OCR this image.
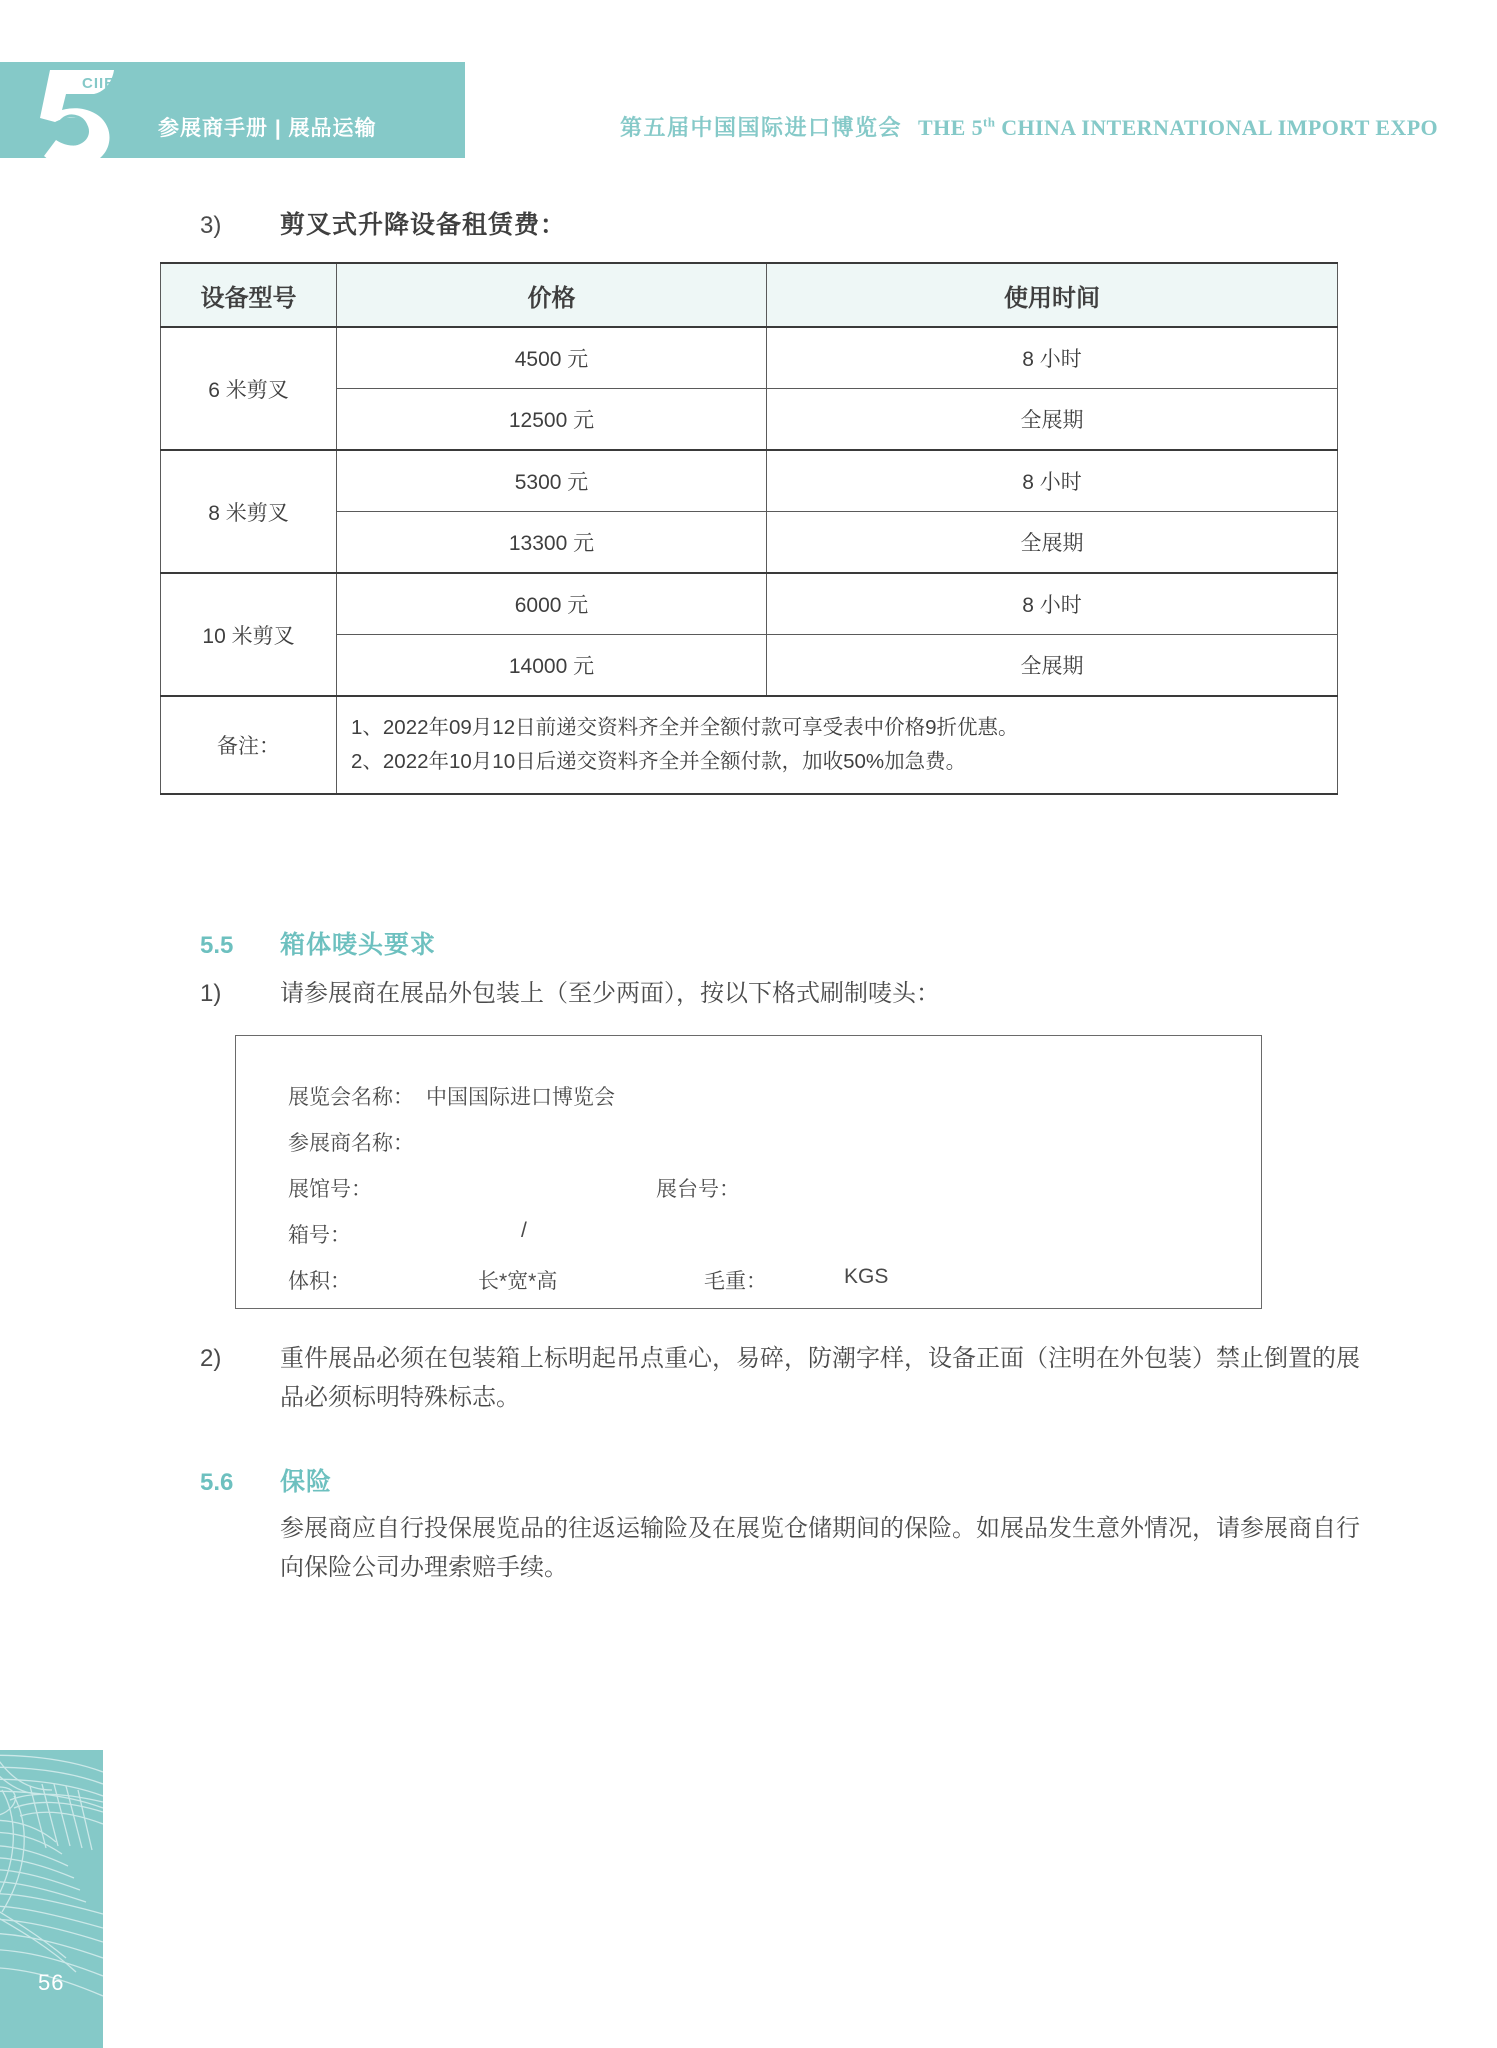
CIIE
参展商手册 | 展品运输	第五届中国国际进口博览会 THE 5th CHINA INTERNATIONAL IMPORT EXPO
3)	剪叉式升降设备租赁费：
设备型号	价格	使用时间
6 米剪叉	4500 元	8 小时
	12500 元	全展期
8 米剪叉	5300 元	8 小时
	13300 元	全展期
10 米剪叉	6000 元	8 小时
	14000 元	全展期
备注：	1、2022年09月12日前递交资料齐全并全额付款可享受表中价格9折优惠。
2、2022年10月10日后递交资料齐全并全额付款，加收50%加急费。	
5.5	箱体唛头要求
1)	请参展商在展品外包装上（至少两面），按以下格式刷制唛头：
展览会名称： 中国国际进口博览会
参展商名称：
展馆号：	展台号：
箱号：	/
体积：	长*宽*高	毛重：	KGS
2)	重件展品必须在包装箱上标明起吊点重心，易碎，防潮字样，设备正面（注明在外包装）禁止倒置的展品必须标明特殊标志。
5.6	保险
参展商应自行投保展览品的往返运输险及在展览仓储期间的保险。如展品发生意外情况，请参展商自行向保险公司办理索赔手续。
56
